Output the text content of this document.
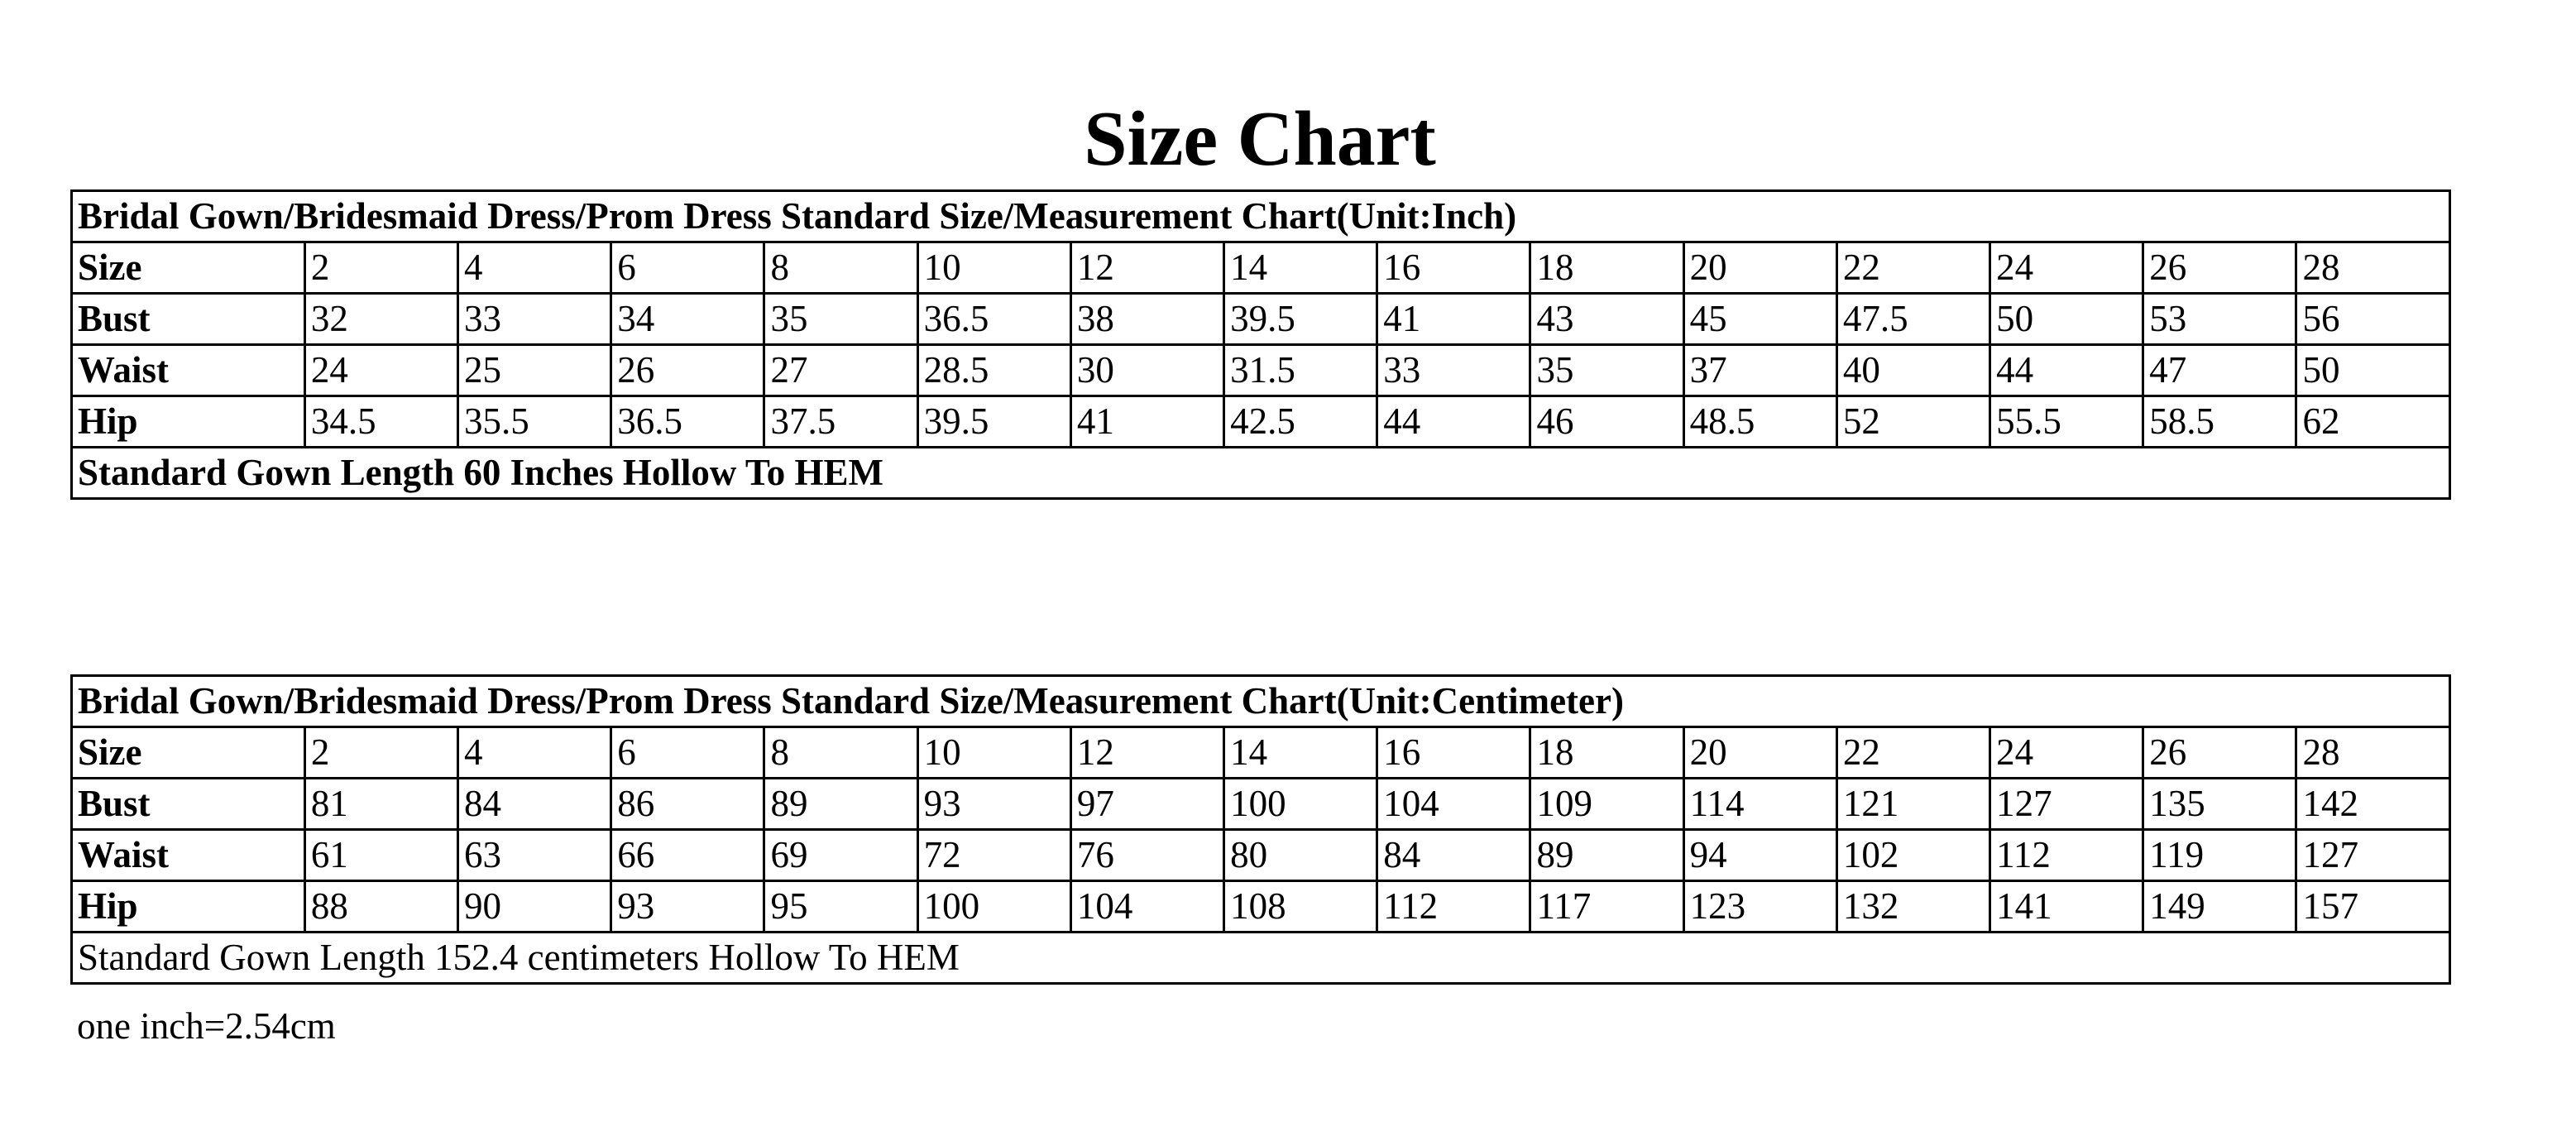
Size Chart
Bridal Gown/Bridesmaid Dress/Prom Dress Standard Size/Measurement Chart(Unit:Inch)														
Size	2	4	6	8	10	12	14	16	18	20	22	24	26	28
Bust	32	33	34	35	36.5	38	39.5	41	43	45	47.5	50	53	56
Waist	24	25	26	27	28.5	30	31.5	33	35	37	40	44	47	50
Hip	34.5	35.5	36.5	37.5	39.5	41	42.5	44	46	48.5	52	55.5	58.5	62
Standard Gown Length 60 Inches Hollow To HEM														
Bridal Gown/Bridesmaid Dress/Prom Dress Standard Size/Measurement Chart(Unit:Centimeter)														
Size	2	4	6	8	10	12	14	16	18	20	22	24	26	28
Bust	81	84	86	89	93	97	100	104	109	114	121	127	135	142
Waist	61	63	66	69	72	76	80	84	89	94	102	112	119	127
Hip	88	90	93	95	100	104	108	112	117	123	132	141	149	157
Standard Gown Length 152.4 centimeters Hollow To HEM														
one inch=2.54cm
